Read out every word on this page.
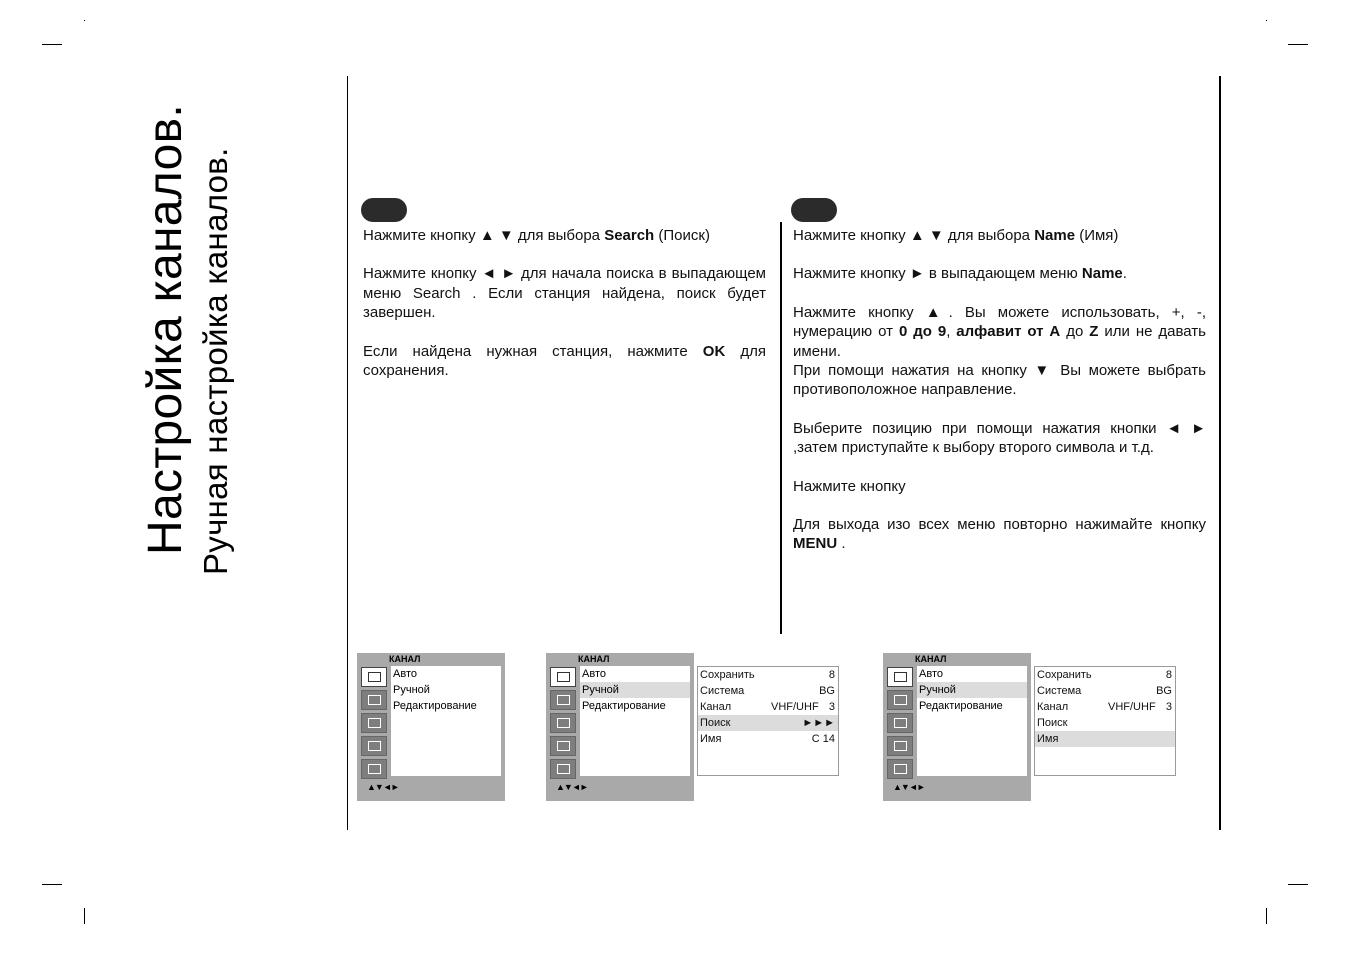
Настройка каналов. Ручная настройка каналов.	Нажмите кнопку ▲ ▼ для выбора Search (Поиск)

Нажмите кнопку ◄ ► для начала поиска в выпадающем меню Search . Если станция найдена, поиск будет завершен.

Если найдена нужная станция, нажмите OK для сохранения.

Нажмите кнопку ▲ ▼ для выбора Name (Имя)

Нажмите кнопку ► в выпадающем меню Name.

Нажмите кнопку ▲. Вы можете использовать, +, -, нумерацию от 0 до 9, алфавит от A до Z или не давать имени.

При помощи нажатия на кнопку ▼ Вы можете выбрать противоположное направление.

Выберите позицию при помощи нажатия кнопки ◄ ► ,затем приступайте к выбору второго символа и т.д.

Нажмите кнопку

Для выхода изо всех меню повторно нажимайте кнопку MENU .

КАНАЛ
Авто
Ручной
Редактирование
▲▼◄►
КАНАЛ
Авто
Ручной
Редактирование
▲▼◄►
Сохранить	8
Система	BG
Канал	VHF/UHF 3
Поиск	►►►
Имя	C 14
КАНАЛ
Авто
Ручной
Редактирование
▲▼◄►
Сохранить	8
Система	BG
Канал	VHF/UHF 3
Поиск
Имя
